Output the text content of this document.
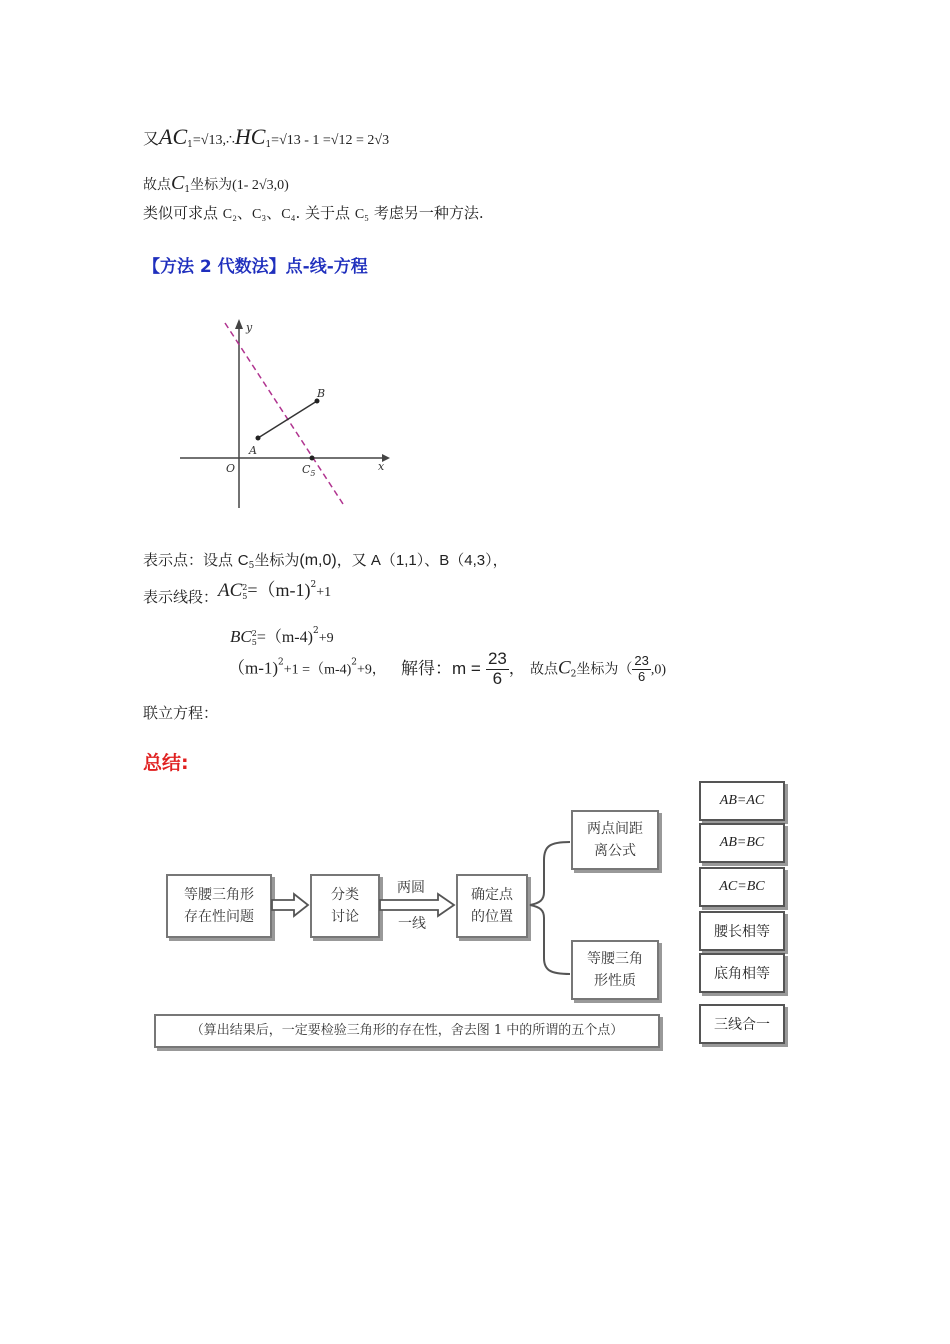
又$AC_1=√13,\therefore HC_1=√13 - 1 =√12 = 2√3$
故点$C_1$坐标为(1- 2√3,0)
类似可求点 C₂、C₃、C₄. 关于点 C₅ 考虑另一种方法.
【方法 2 代数法】点-线-方程
y
x
O
A
B
$C_5$
表示点：设点 $C_5$坐标为(m,0)，又 A（1,1）、B（4,3），
表示线段：AC 2
5 =（m-1)$^2$+1
BC 2
5 =（m-4)$^2$+9
（m-1)$^2$+1 =（m-4)$^2$+9， 解得：$m = \frac{23}{6}$ ， 故点$C_2$坐标为（ $\frac{23}{6} ,0$)
联立方程：
总结:
等腰三角形
存在性问题
分类
讨论
确定点
的位置
两点间距
离公式
等腰三角
形性质
两圆
一线
（算出结果后，一定要检验三角形的存在性，舍去图 1 中的所谓的五个点）
AB=AC
AB=BC
AC=BC
腰长相等
底角相等
三线合一
